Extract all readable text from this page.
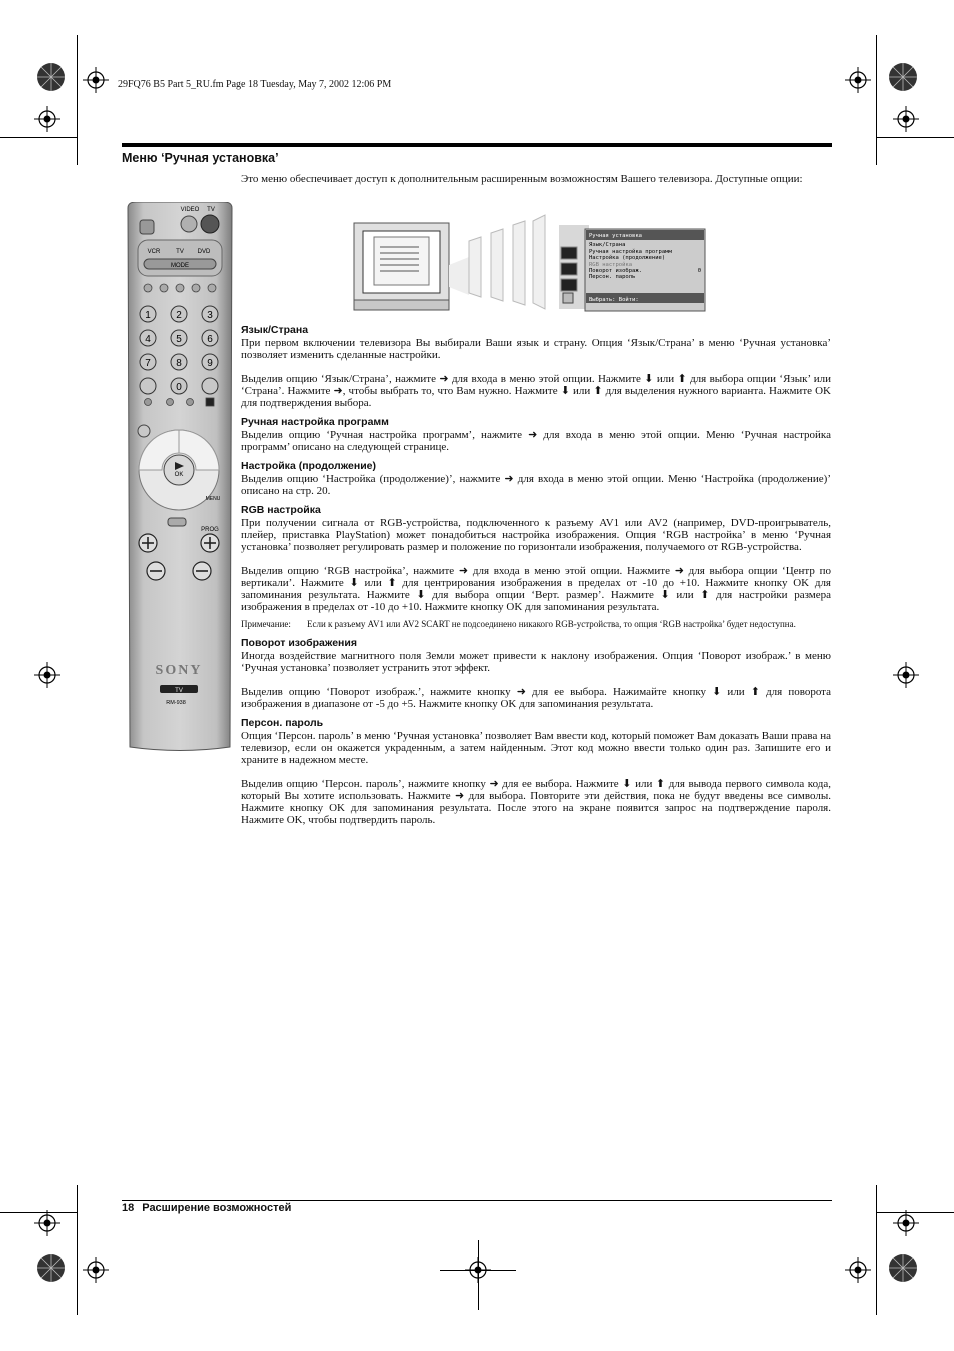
29FQ76 B5 Part 5_RU.fm Page 18 Tuesday, May 7, 2002 12:06 PM
Меню ‘Ручная установка’
VIDEO TV
VCR	TV DVD
MODE
1	2	3
4	5	6
7	8	9
0
OK
MENU
PROG
SONY
TV
RM-938

Это меню обеспечивает доступ к дополнительным расширенным возможностям Вашего телевизора. Доступные опции:

Ручная установка
Язык/Страна
Ручная настройка программ
Настройка (продолжение)
RGB настройка
Поворот изображ.	0
Персон. пароль
Выбрать: Войти:
Язык/Страна

При первом включении телевизора Вы выбирали Ваши язык и страну. Опция ‘Язык/Страна’ в меню ‘Ручная установка’ позволяет изменить сделанные настройки.

Выделив опцию ‘Язык/Страна’, нажмите ➜ для входа в меню этой опции. Нажмите ⬇ или ⬆ для выбора опции ‘Язык’ или ‘Страна’. Нажмите ➜, чтобы выбрать то, что Вам нужно. Нажмите ⬇ или ⬆ для выделения нужного варианта. Нажмите OK для подтверждения выбора.

Ручная настройка программ

Выделив опцию ‘Ручная настройка программ’, нажмите ➜ для входа в меню этой опции. Меню ‘Ручная настройка программ’ описано на следующей странице.

Настройка (продолжение)

Выделив опцию ‘Настройка (продолжение)’, нажмите ➜ для входа в меню этой опции. Меню ‘Настройка (продолжение)’ описано на стр. 20.

RGB настройка

При получении сигнала от RGB-устройства, подключенного к разъему AV1 или AV2 (например, DVD-проигрыватель, плейер, приставка PlayStation) может понадобиться настройка изображения. Опция ‘RGB настройка’ в меню ‘Ручная установка’ позволяет регулировать размер и положение по горизонтали изображения, получаемого от RGB-устройства.

Выделив опцию ‘RGB настройка’, нажмите ➜ для входа в меню этой опции. Нажмите ➜ для выбора опции ‘Центр по вертикали’. Нажмите ⬇ или ⬆ для центрирования изображения в пределах от -10 до +10. Нажмите кнопку OK для запоминания результата. Нажмите ⬇ для выбора опции ‘Верт. размер’. Нажмите ⬇ или ⬆ для настройки размера изображения в пределах от -10 до +10. Нажмите кнопку OK для запоминания результата.

Примечание:	Если к разъему AV1 или AV2 SCART не подсоединено никакого RGB-устройства, то опция ‘RGB настройка’ будет недоступна.
Поворот изображения

Иногда воздействие магнитного поля Земли может привести к наклону изображения. Опция ‘Поворот изображ.’ в меню ‘Ручная установка’ позволяет устранить этот эффект.

Выделив опцию ‘Поворот изображ.’, нажмите кнопку ➜ для ее выбора. Нажимайте кнопку ⬇ или ⬆ для поворота изображения в диапазоне от -5 до +5. Нажмите кнопку OK для запоминания результата.

Персон. пароль

Опция ‘Персон. пароль’ в меню ‘Ручная установка’ позволяет Вам ввести код, который поможет Вам доказать Ваши права на телевизор, если он окажется украденным, а затем найденным. Этот код можно ввести только один раз. Запишите его и храните в надежном месте.

Выделив опцию ‘Персон. пароль’, нажмите кнопку ➜ для ее выбора. Нажмите ⬇ или ⬆ для вывода первого символа кода, который Вы хотите использовать. Нажмите ➜ для выбора. Повторите эти действия, пока не будут введены все символы. Нажмите кнопку OK для запоминания результата. После этого на экране появится запрос на подтверждение пароля. Нажмите OK, чтобы подтвердить пароль.

18 Расширение возможностей
